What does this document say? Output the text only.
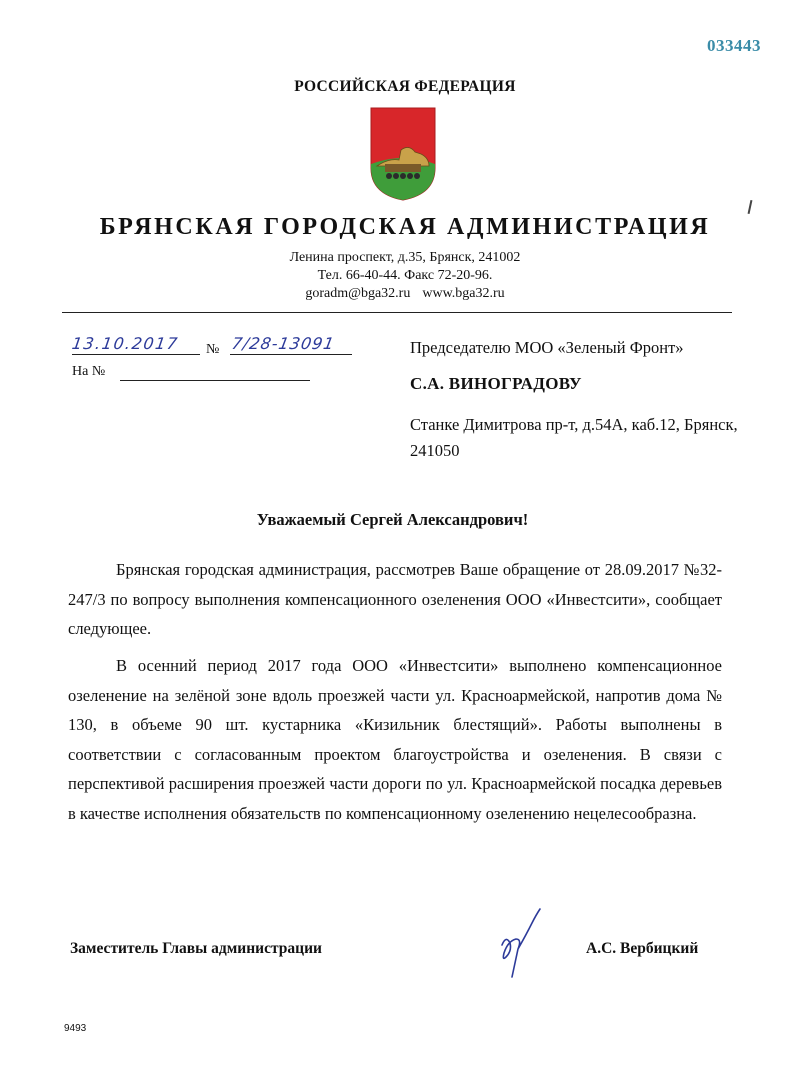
033443
РОССИЙСКАЯ ФЕДЕРАЦИЯ
БРЯНСКАЯ ГОРОДСКАЯ АДМИНИСТРАЦИЯ
Ленина проспект, д.35, Брянск, 241002
Тел. 66-40-44. Факс 72-20-96.
goradm@bga32.ru www.bga32.ru
13.10.2017	№ 7/28-13091
На №
Председателю МОО «Зеленый Фронт»
С.А. ВИНОГРАДОВУ
Станке Димитрова пр-т, д.54А, каб.12, Брянск, 241050
Уважаемый Сергей Александрович!
Брянская городская администрация, рассмотрев Ваше обращение от 28.09.2017 №32-247/3 по вопросу выполнения компенсационного озеленения ООО «Инвестсити», сообщает следующее.
В осенний период 2017 года ООО «Инвестсити» выполнено компенсационное озеленение на зелёной зоне вдоль проезжей части ул. Красноармейской, напротив дома № 130, в объеме 90 шт. кустарника «Кизильник блестящий». Работы выполнены в соответствии с согласованным проектом благоустройства и озеленения. В связи с перспективой расширения проезжей части дороги по ул. Красноармейской посадка деревьев в качестве исполнения обязательств по компенсационному озеленению нецелесообразна.
Заместитель Главы администрации	А.С. Вербицкий
9493
